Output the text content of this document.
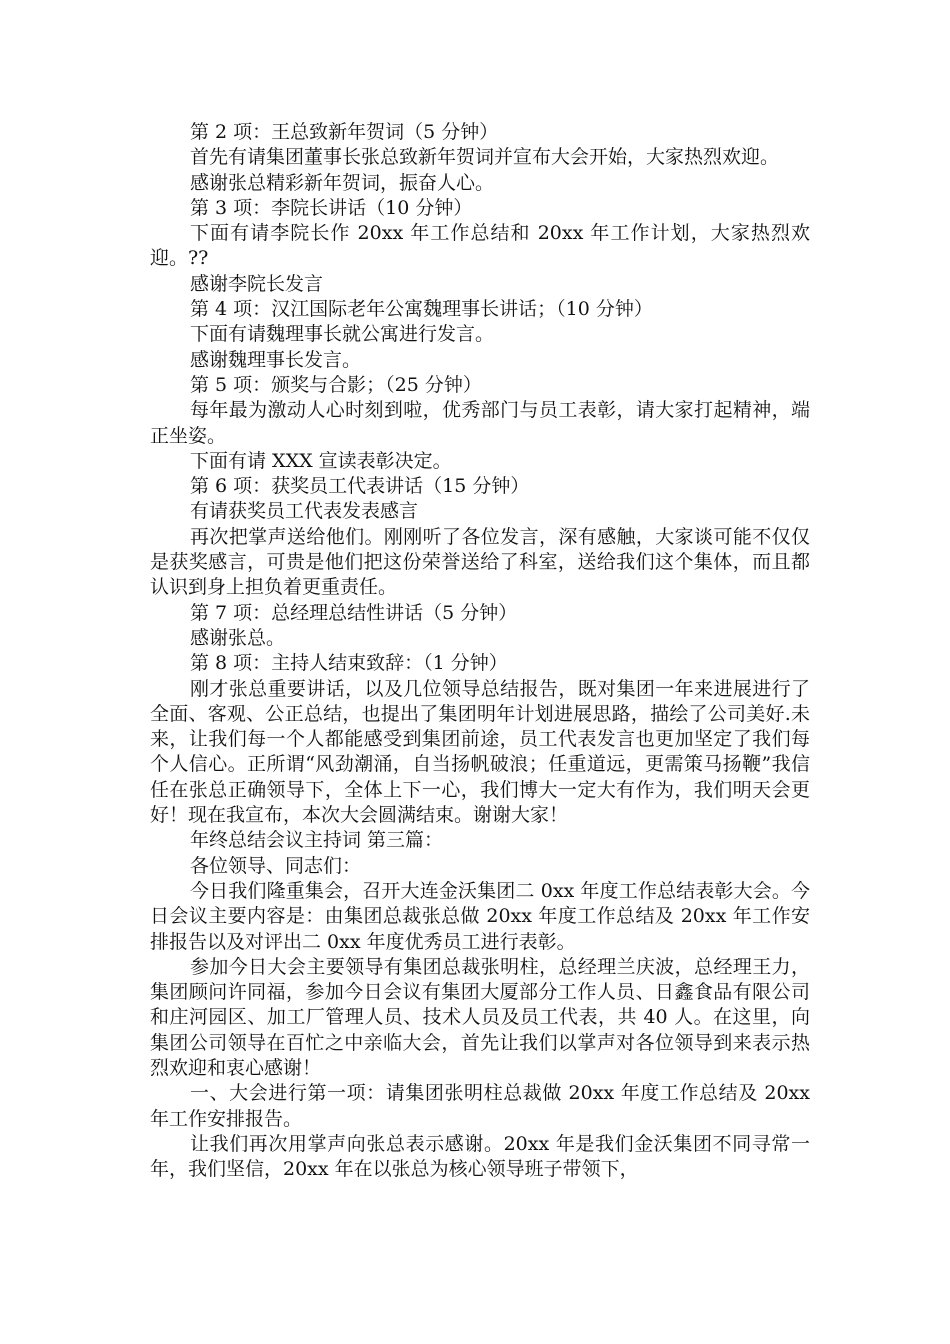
第 2 项：王总致新年贺词（5 分钟）

首先有请集团董事长张总致新年贺词并宣布大会开始，大家热烈欢迎。

感谢张总精彩新年贺词，振奋人心。

第 3 项：李院长讲话（10 分钟）

下面有请李院长作 20xx 年工作总结和 20xx 年工作计划，大家热烈欢迎。??

感谢李院长发言

第 4 项：汉江国际老年公寓魏理事长讲话；（10 分钟）

下面有请魏理事长就公寓进行发言。

感谢魏理事长发言。

第 5 项：颁奖与合影；（25 分钟）

每年最为激动人心时刻到啦，优秀部门与员工表彰，请大家打起精神，端正坐姿。

下面有请 XXX 宣读表彰决定。

第 6 项：获奖员工代表讲话（15 分钟）

有请获奖员工代表发表感言

再次把掌声送给他们。刚刚听了各位发言，深有感触，大家谈可能不仅仅是获奖感言，可贵是他们把这份荣誉送给了科室，送给我们这个集体，而且都认识到身上担负着更重责任。

第 7 项：总经理总结性讲话（5 分钟）

感谢张总。

第 8 项：主持人结束致辞：（1 分钟）

刚才张总重要讲话，以及几位领导总结报告，既对集团一年来进展进行了全面、客观、公正总结，也提出了集团明年计划进展思路，描绘了公司美好.未来，让我们每一个人都能感受到集团前途，员工代表发言也更加坚定了我们每个人信心。正所谓“风劲潮涌，自当扬帆破浪；任重道远，更需策马扬鞭”我信任在张总正确领导下，全体上下一心，我们博大一定大有作为，我们明天会更好！现在我宣布，本次大会圆满结束。谢谢大家！

年终总结会议主持词 第三篇：

各位领导、同志们：

今日我们隆重集会，召开大连金沃集团二 0xx 年度工作总结表彰大会。今日会议主要内容是：由集团总裁张总做 20xx 年度工作总结及 20xx 年工作安排报告以及对评出二 0xx 年度优秀员工进行表彰。

参加今日大会主要领导有集团总裁张明柱，总经理兰庆波，总经理王力，集团顾问许同福，参加今日会议有集团大厦部分工作人员、日鑫食品有限公司和庄河园区、加工厂管理人员、技术人员及员工代表，共 40 人。在这里，向集团公司领导在百忙之中亲临大会，首先让我们以掌声对各位领导到来表示热烈欢迎和衷心感谢！

一、大会进行第一项：请集团张明柱总裁做 20xx 年度工作总结及 20xx 年工作安排报告。

让我们再次用掌声向张总表示感谢。20xx 年是我们金沃集团不同寻常一年，我们坚信，20xx 年在以张总为核心领导班子带领下，
